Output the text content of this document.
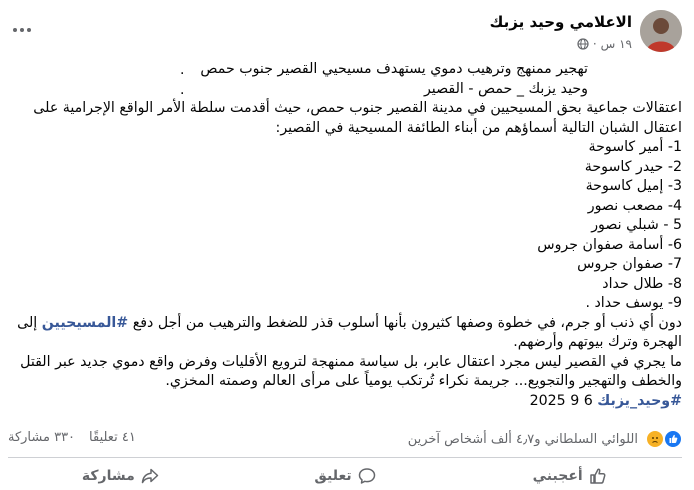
الاعلامي وحيد يزبك
١٩ س
·
تهجير ممنهج وترهيب دموي يستهدف مسيحيي القصير جنوب حمص
وحيد يزبك _ حمص - القصير
اعتقالات جماعية بحق المسيحيين في مدينة القصير جنوب حمص، حيث أقدمت سلطة الأمر الواقع الإجرامية على
اعتقال الشبان التالية أسماؤهم من أبناء الطائفة المسيحية في القصير:
1- أمير كاسوحة
2- حيدر كاسوحة
3- إميل كاسوحة
4- مصعب نصور
5 - شبلي نصور
6- أسامة صفوان جروس
7- صفوان جروس
8- طلال حداد
9- يوسف حداد .
دون أي ذنب أو جرم، في خطوة وصفها كثيرون بأنها أسلوب قذر للضغط والترهيب من أجل دفع #المسيحيين إلى
الهجرة وترك بيوتهم وأرضهم.
ما يجري في القصير ليس مجرد اعتقال عابر، بل سياسة ممنهجة لترويع الأقليات وفرض واقع دموي جديد عبر القتل
والخطف والتهجير والتجويع... جريمة نكراء تُرتكب يومياً على مرأى العالم وصمته المخزي.
#وحيد_يزبك 6 9 2025
.
.
اللوائي السلطاني و٤٫٧ ألف أشخاص آخرين
٤١ تعليقًا
٣٣٠ مشاركة
أعجبني
تعليق
مشاركة
